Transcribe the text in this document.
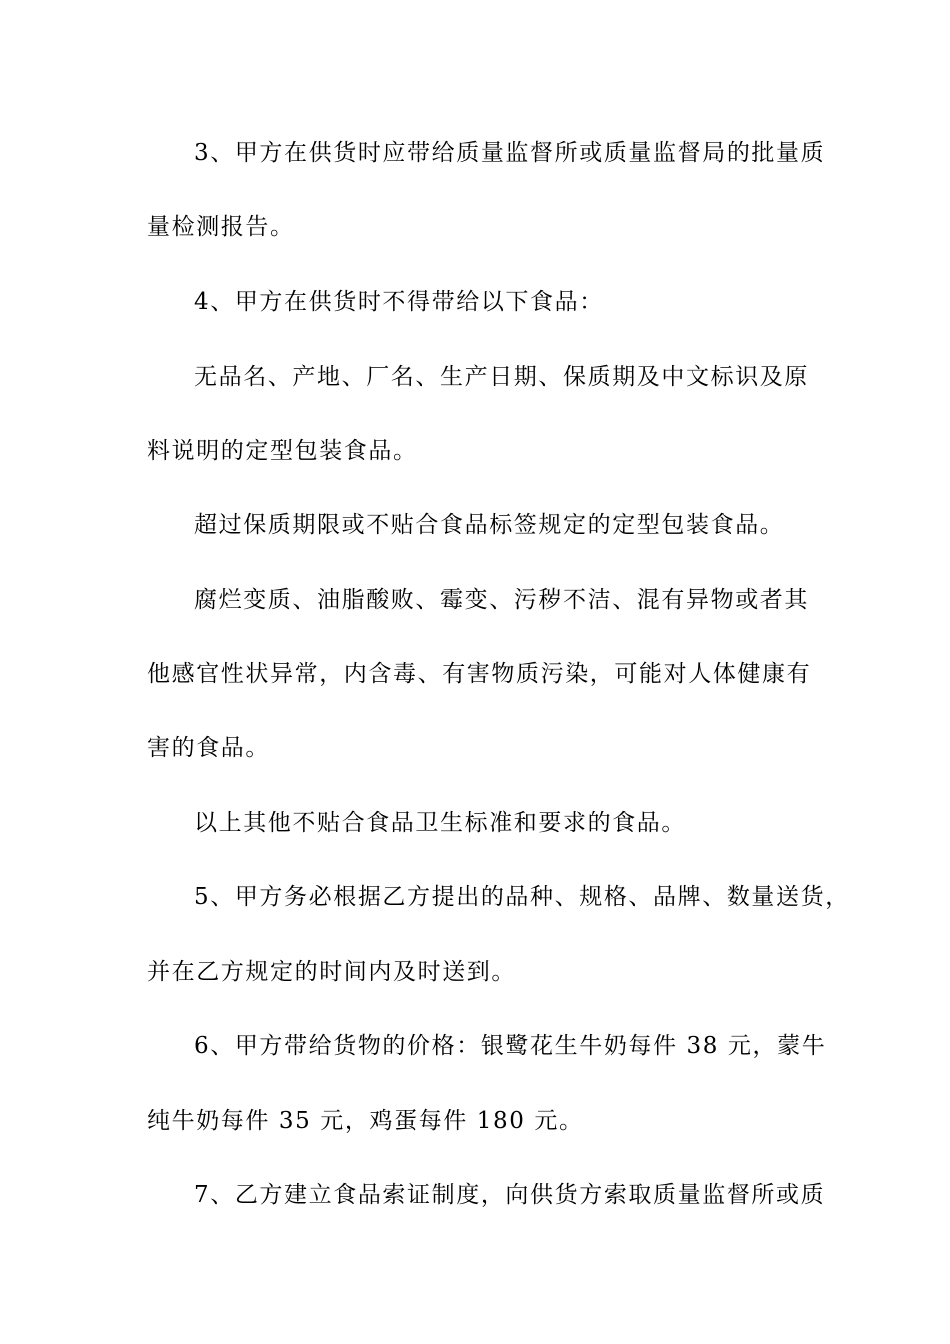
3、甲方在供货时应带给质量监督所或质量监督局的批量质
量检测报告。
4、甲方在供货时不得带给以下食品：
无品名、产地、厂名、生产日期、保质期及中文标识及原
料说明的定型包装食品。
超过保质期限或不贴合食品标签规定的定型包装食品。
腐烂变质、油脂酸败、霉变、污秽不洁、混有异物或者其
他感官性状异常，内含毒、有害物质污染，可能对人体健康有
害的食品。
以上其他不贴合食品卫生标准和要求的食品。
5、甲方务必根据乙方提出的品种、规格、品牌、数量送货，
并在乙方规定的时间内及时送到。
6、甲方带给货物的价格：银鹭花生牛奶每件 38 元，蒙牛
纯牛奶每件 35 元，鸡蛋每件 180 元。
7、乙方建立食品索证制度，向供货方索取质量监督所或质
